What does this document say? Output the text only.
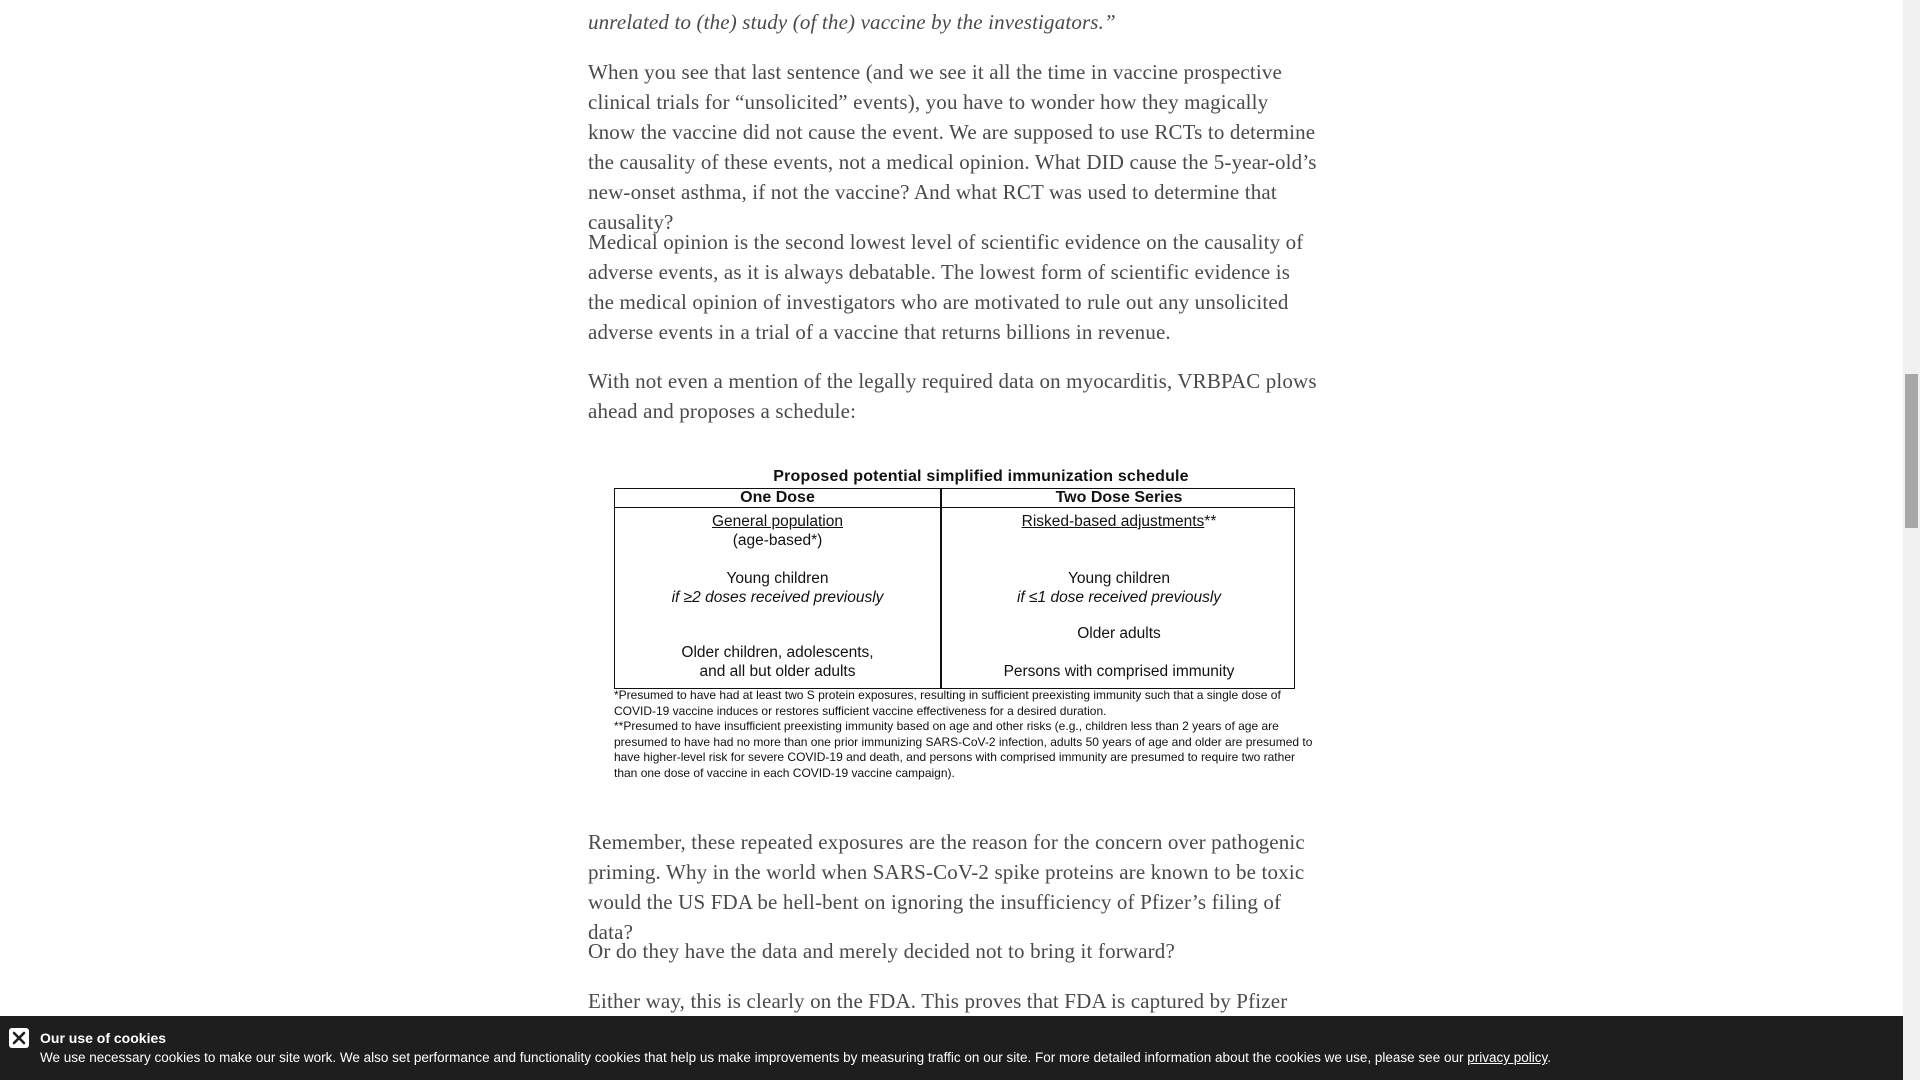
unrelated to (the) study (of the) vaccine by the investigators.”

When you see that last sentence (and we see it all the time in vaccine prospective clinical trials for “unsolicited” events), you have to wonder how they magically know the vaccine did not cause the event. We are supposed to use RCTs to determine the causality of these events, not a medical opinion. What DID cause the 5-year-old’s new-onset asthma, if not the vaccine? And what RCT was used to determine that causality?

Medical opinion is the second lowest level of scientific evidence on the causality of adverse events, as it is always debatable. The lowest form of scientific evidence is the medical opinion of investigators who are motivated to rule out any unsolicited adverse events in a trial of a vaccine that returns billions in revenue.

With not even a mention of the legally required data on myocarditis, VRBPAC plows ahead and proposes a schedule:

Remember, these repeated exposures are the reason for the concern over pathogenic priming. Why in the world when SARS-CoV-2 spike proteins are known to be toxic would the US FDA be hell-bent on ignoring the insufficiency of Pfizer’s filing of data?

Or do they have the data and merely decided not to bring it forward?

Either way, this is clearly on the FDA. This proves that FDA is captured by Pfizer

Proposed potential simplified immunization schedule
One Dose	Two Dose Series
General population
(age-based*)
Young children
if ≥2 doses received previously
Older children, adolescents,
and all but older adults
Risked-based adjustments**
Young children
if ≤1 dose received previously
Older adults
Persons with comprised immunity
*Presumed to have had at least two S protein exposures, resulting in sufficient preexisting immunity such that a single dose of COVID-19 vaccine induces or restores sufficient vaccine effectiveness for a desired duration.
**Presumed to have insufficient preexisting immunity based on age and other risks (e.g., children less than 2 years of age are presumed to have had no more than one prior immunizing SARS-CoV-2 infection, adults 50 years of age and older are presumed to have higher-level risk for severe COVID-19 and death, and persons with comprised immunity are presumed to require two rather than one dose of vaccine in each COVID-19 vaccine campaign).
Our use of cookies
We use necessary cookies to make our site work. We also set performance and functionality cookies that help us make improvements by measuring traffic on our site. For more detailed information about the cookies we use, please see our privacy policy.
